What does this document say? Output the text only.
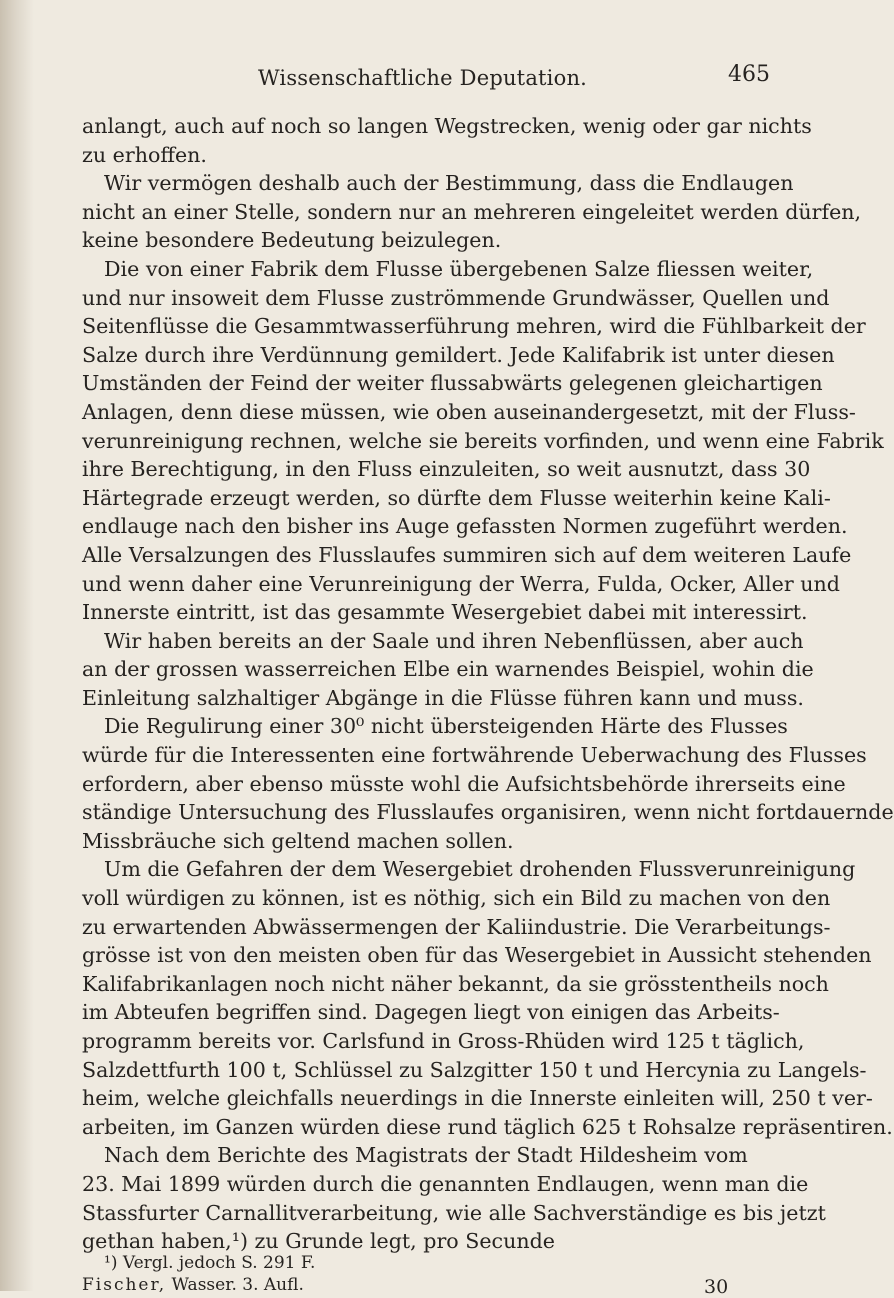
Wissenschaftliche Deputation.	465
anlangt, auch auf noch so langen Wegstrecken, wenig oder gar nichts
zu erhoffen.
Wir vermögen deshalb auch der Bestimmung, dass die Endlaugen
nicht an einer Stelle, sondern nur an mehreren eingeleitet werden dürfen,
keine besondere Bedeutung beizulegen.
Die von einer Fabrik dem Flusse übergebenen Salze fliessen weiter,
und nur insoweit dem Flusse zuströmmende Grundwässer, Quellen und
Seitenflüsse die Gesammtwasserführung mehren, wird die Fühlbarkeit der
Salze durch ihre Verdünnung gemildert. Jede Kalifabrik ist unter diesen
Umständen der Feind der weiter flussabwärts gelegenen gleichartigen
Anlagen, denn diese müssen, wie oben auseinandergesetzt, mit der Fluss-
verunreinigung rechnen, welche sie bereits vorfinden, und wenn eine Fabrik
ihre Berechtigung, in den Fluss einzuleiten, so weit ausnutzt, dass 30
Härtegrade erzeugt werden, so dürfte dem Flusse weiterhin keine Kali-
endlauge nach den bisher ins Auge gefassten Normen zugeführt werden.
Alle Versalzungen des Flusslaufes summiren sich auf dem weiteren Laufe
und wenn daher eine Verunreinigung der Werra, Fulda, Ocker, Aller und
Innerste eintritt, ist das gesammte Wesergebiet dabei mit interessirt.
Wir haben bereits an der Saale und ihren Nebenflüssen, aber auch
an der grossen wasserreichen Elbe ein warnendes Beispiel, wohin die
Einleitung salzhaltiger Abgänge in die Flüsse führen kann und muss.
Die Regulirung einer 30⁰ nicht übersteigenden Härte des Flusses
würde für die Interessenten eine fortwährende Ueberwachung des Flusses
erfordern, aber ebenso müsste wohl die Aufsichtsbehörde ihrerseits eine
ständige Untersuchung des Flusslaufes organisiren, wenn nicht fortdauernde
Missbräuche sich geltend machen sollen.
Um die Gefahren der dem Wesergebiet drohenden Flussverunreinigung
voll würdigen zu können, ist es nöthig, sich ein Bild zu machen von den
zu erwartenden Abwässermengen der Kaliindustrie. Die Verarbeitungs-
grösse ist von den meisten oben für das Wesergebiet in Aussicht stehenden
Kalifabrikanlagen noch nicht näher bekannt, da sie grösstentheils noch
im Abteufen begriffen sind. Dagegen liegt von einigen das Arbeits-
programm bereits vor. Carlsfund in Gross-Rhüden wird 125 t täglich,
Salzdettfurth 100 t, Schlüssel zu Salzgitter 150 t und Hercynia zu Langels-
heim, welche gleichfalls neuerdings in die Innerste einleiten will, 250 t ver-
arbeiten, im Ganzen würden diese rund täglich 625 t Rohsalze repräsentiren.
Nach dem Berichte des Magistrats der Stadt Hildesheim vom
23. Mai 1899 würden durch die genannten Endlaugen, wenn man die
Stassfurter Carnallitverarbeitung, wie alle Sachverständige es bis jetzt
gethan haben,¹) zu Grunde legt, pro Secunde
¹) Vergl. jedoch S. 291 F.
Fischer, Wasser. 3. Aufl.	30
